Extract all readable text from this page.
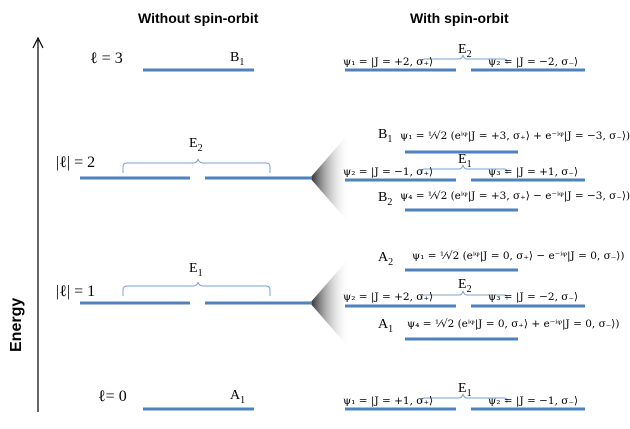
Without spin-orbit	With spin-orbit
Energy
ℓ = 3	$B_1$
|ℓ| = 2
$E_2$
|ℓ| = 1
$E_1$
ℓ= 0	$A_1$
$E_2$
ψ₁ = |J = +2, σ₊⟩	ψ₂ = |J = −2, σ₋⟩
$B_1$ ψ₁ = ¹⁄√2 (eⁱᵠ|J = +3, σ₊⟩ + e⁻ⁱᵠ|J = −3, σ₋⟩)
$E_1$
ψ₂ = |J = −1, σ₊⟩	ψ₃ = |J = +1, σ₋⟩
$B_2$
ψ₄ = ¹⁄√2 (eⁱᵠ|J = +3, σ₊⟩ − e⁻ⁱᵠ|J = −3, σ₋⟩)
$A_2$
ψ₁ = ¹⁄√2 (eⁱᵠ|J = 0, σ₊⟩ − e⁻ⁱᵠ|J = 0, σ₋⟩)
$E_2$
ψ₂ = |J = +2, σ₊⟩	ψ₃ = |J = −2, σ₋⟩
$A_1$ ψ₄ = ¹⁄√2 (eⁱᵠ|J = 0, σ₊⟩ + e⁻ⁱᵠ|J = 0, σ₋⟩)
$E_1$
ψ₁ = |J = +1, σ₊⟩	ψ₂ = |J = −1, σ₋⟩
